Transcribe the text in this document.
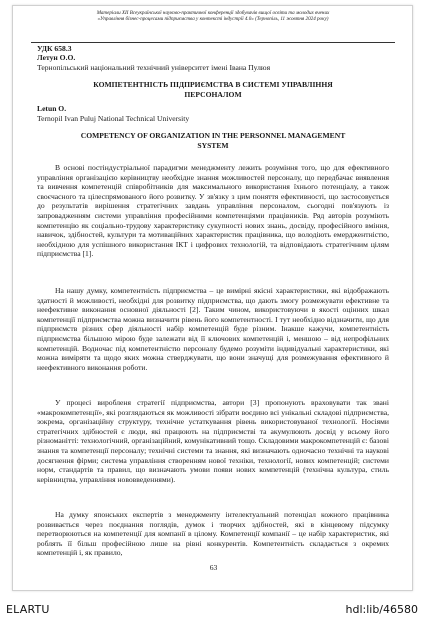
Матеріали XII Всеукраїнської науково-практичної конференції здобувачів вищої освіти та молодих вчених
«Управління бізнес-процесами підприємства у контексті індустрії 4.0» (Тернопіль, 11 жовтня 2024 року)
УДК 658.3
Летун О.О.
Тернопільський національний технічний університет імені Івана Пулюя
КОМПЕТЕНТНІСТЬ ПІДПРИЄМСТВА В СИСТЕМІ УПРАВЛІННЯ
ПЕРСОНАЛОМ
Letun O.
Ternopil Ivan Puluj National Technical University
COMPETENCY OF ORGANIZATION IN THE PERSONNEL MANAGEMENT
SYSTEM
В основі постіндустріальної парадигми менеджменту лежить розуміння того, що для ефективного управління організацією керівництву необхідне знання можливостей персоналу, що передбачає виявлення та вивчення компетенцій співробітників для максимального використання їхнього потенціалу, а також своєчасного та цілеспрямованого його розвитку. У зв'язку з цим поняття ефективності, що застосовується до результатів вирішення стратегічних завдань управління персоналом, сьогодні пов'язують із запровадженням системи управління професійними компетенціями працівників. Ряд авторів розуміють компетенцію як соціально-трудову характеристику сукупності нових знань, досвіду, професійного вміння, навичок, здібностей, культури та мотиваційних характеристик працівника, що володіють емерджентністю, необхідною для успішного використання ІКТ і цифрових технологій, та відповідають стратегічним цілям підприємства [1].
На нашу думку, компетентність підприємства – це вимірні якісні характеристики, які відображають здатності й можливості, необхідні для розвитку підприємства, що дають змогу розмежувати ефективне та неефективне виконання основної діяльності [2]. Таким чином, використовуючи в якості оцінних шкал компетенції підприємства можна визначити рівень його компетентності. І тут необхідно відзначити, що для підприємств різних сфер діяльності набір компетенцій буде різним. Інакше кажучи, компетентність підприємства більшою мірою буде залежати від її ключових компетенцій і, меншою – від непрофільних компетенцій. Водночас під компетентністю персоналу будемо розуміти індивідуальні характеристики, які можна виміряти та щодо яких можна стверджувати, що вони значущі для розмежування ефективного й неефективного виконання роботи.
У процесі виробленя стратегії підприємства, автори [3] пропонують враховувати так звані «макрокомпетенції», які розглядаються як можливості зібрати воєдино всі унікальні складові підприємства, зокрема, організаційну структуру, технічне устаткування рівень використовуваної технології. Носіями стратегічних здібностей є люди, які працюють на підприємстві та акумулюють досвід у всьому його різноманітті: технологічний, організаційний, комунікативний тощо. Складовими макрокомпетенцій є: базові знання та компетенції персоналу; технічні системи та знання, які визначають одночасно технічні та наукові досягнення фірми; система управління створенням нової техніки, технології, нових компетенцій; системи норм, стандартів та правил, що визначають умови появи нових компетенцій (технічна культура, стиль керівництва, управління нововведеннями).
На думку японських експертів з менеджменту інтелектуальний потенціал кожного працівника розвивається через поєднання поглядів, думок і творчих здібностей, які в кінцевому підсумку перетворюються на компетенції для компанії в цілому. Компетенції компанії – це набір характеристик, які роблять її більш професійною лише на рівні конкурентів. Компетентність складається з окремих компетенцій і, як правило,
63
ELARTU	hdl:lib/46580
